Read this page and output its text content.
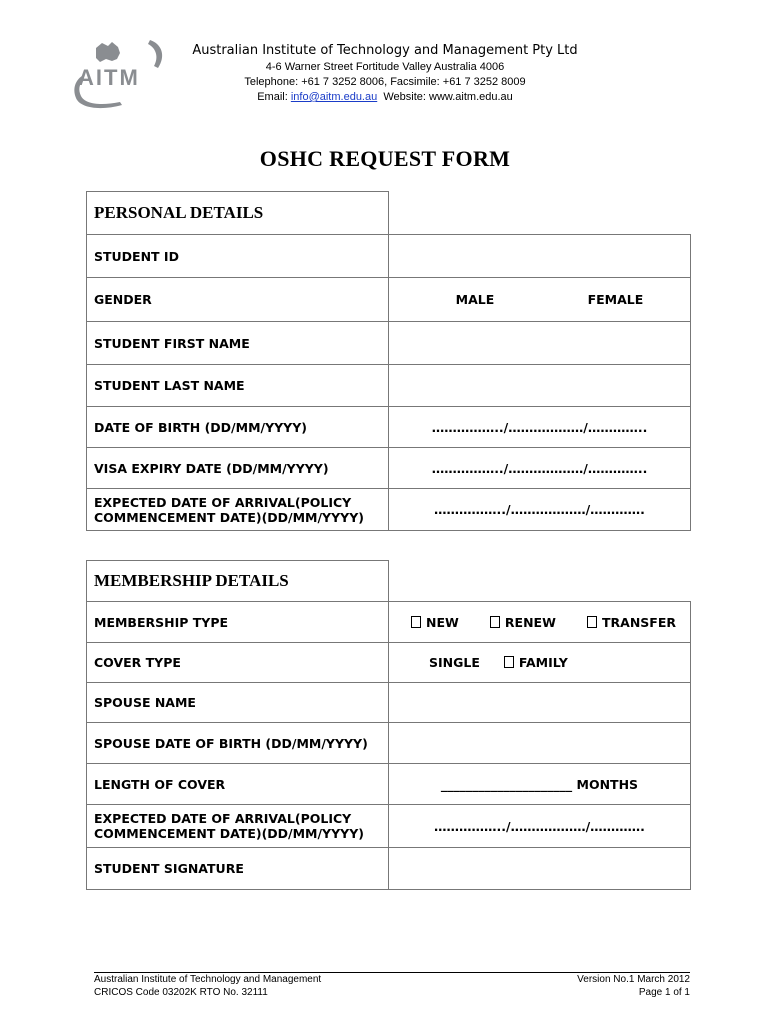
AITM
Australian Institute of Technology and Management Pty Ltd
4-6 Warner Street Fortitude Valley Australia 4006
Telephone: +61 7 3252 8006, Facsimile: +61 7 3252 8009
Email: info@aitm.edu.au Website: www.aitm.edu.au
OSHC REQUEST FORM
PERSONAL DETAILS	
STUDENT ID	
GENDER	MALE FEMALE

STUDENT FIRST NAME	
STUDENT LAST NAME	
DATE OF BIRTH (DD/MM/YYYY)	……………../………………/…………..
VISA EXPIRY DATE (DD/MM/YYYY)	……………../………………/…………..

EXPECTED DATE OF ARRIVAL(POLICY
COMMENCEMENT DATE)(DD/MM/YYYY)	……………../………………/………….
MEMBERSHIP DETAILS	
MEMBERSHIP TYPE	NEW RENEW TRANSFER

COVER TYPE	SINGLE FAMILY

SPOUSE NAME	
SPOUSE DATE OF BIRTH (DD/MM/YYYY)	
LENGTH OF COVER	_____________________ MONTHS

EXPECTED DATE OF ARRIVAL(POLICY
COMMENCEMENT DATE)(DD/MM/YYYY)	……………../………………/………….
STUDENT SIGNATURE	
Australian Institute of Technology and Management
CRICOS Code 03202K RTO No. 32111
Version No.1 March 2012
Page 1 of 1
